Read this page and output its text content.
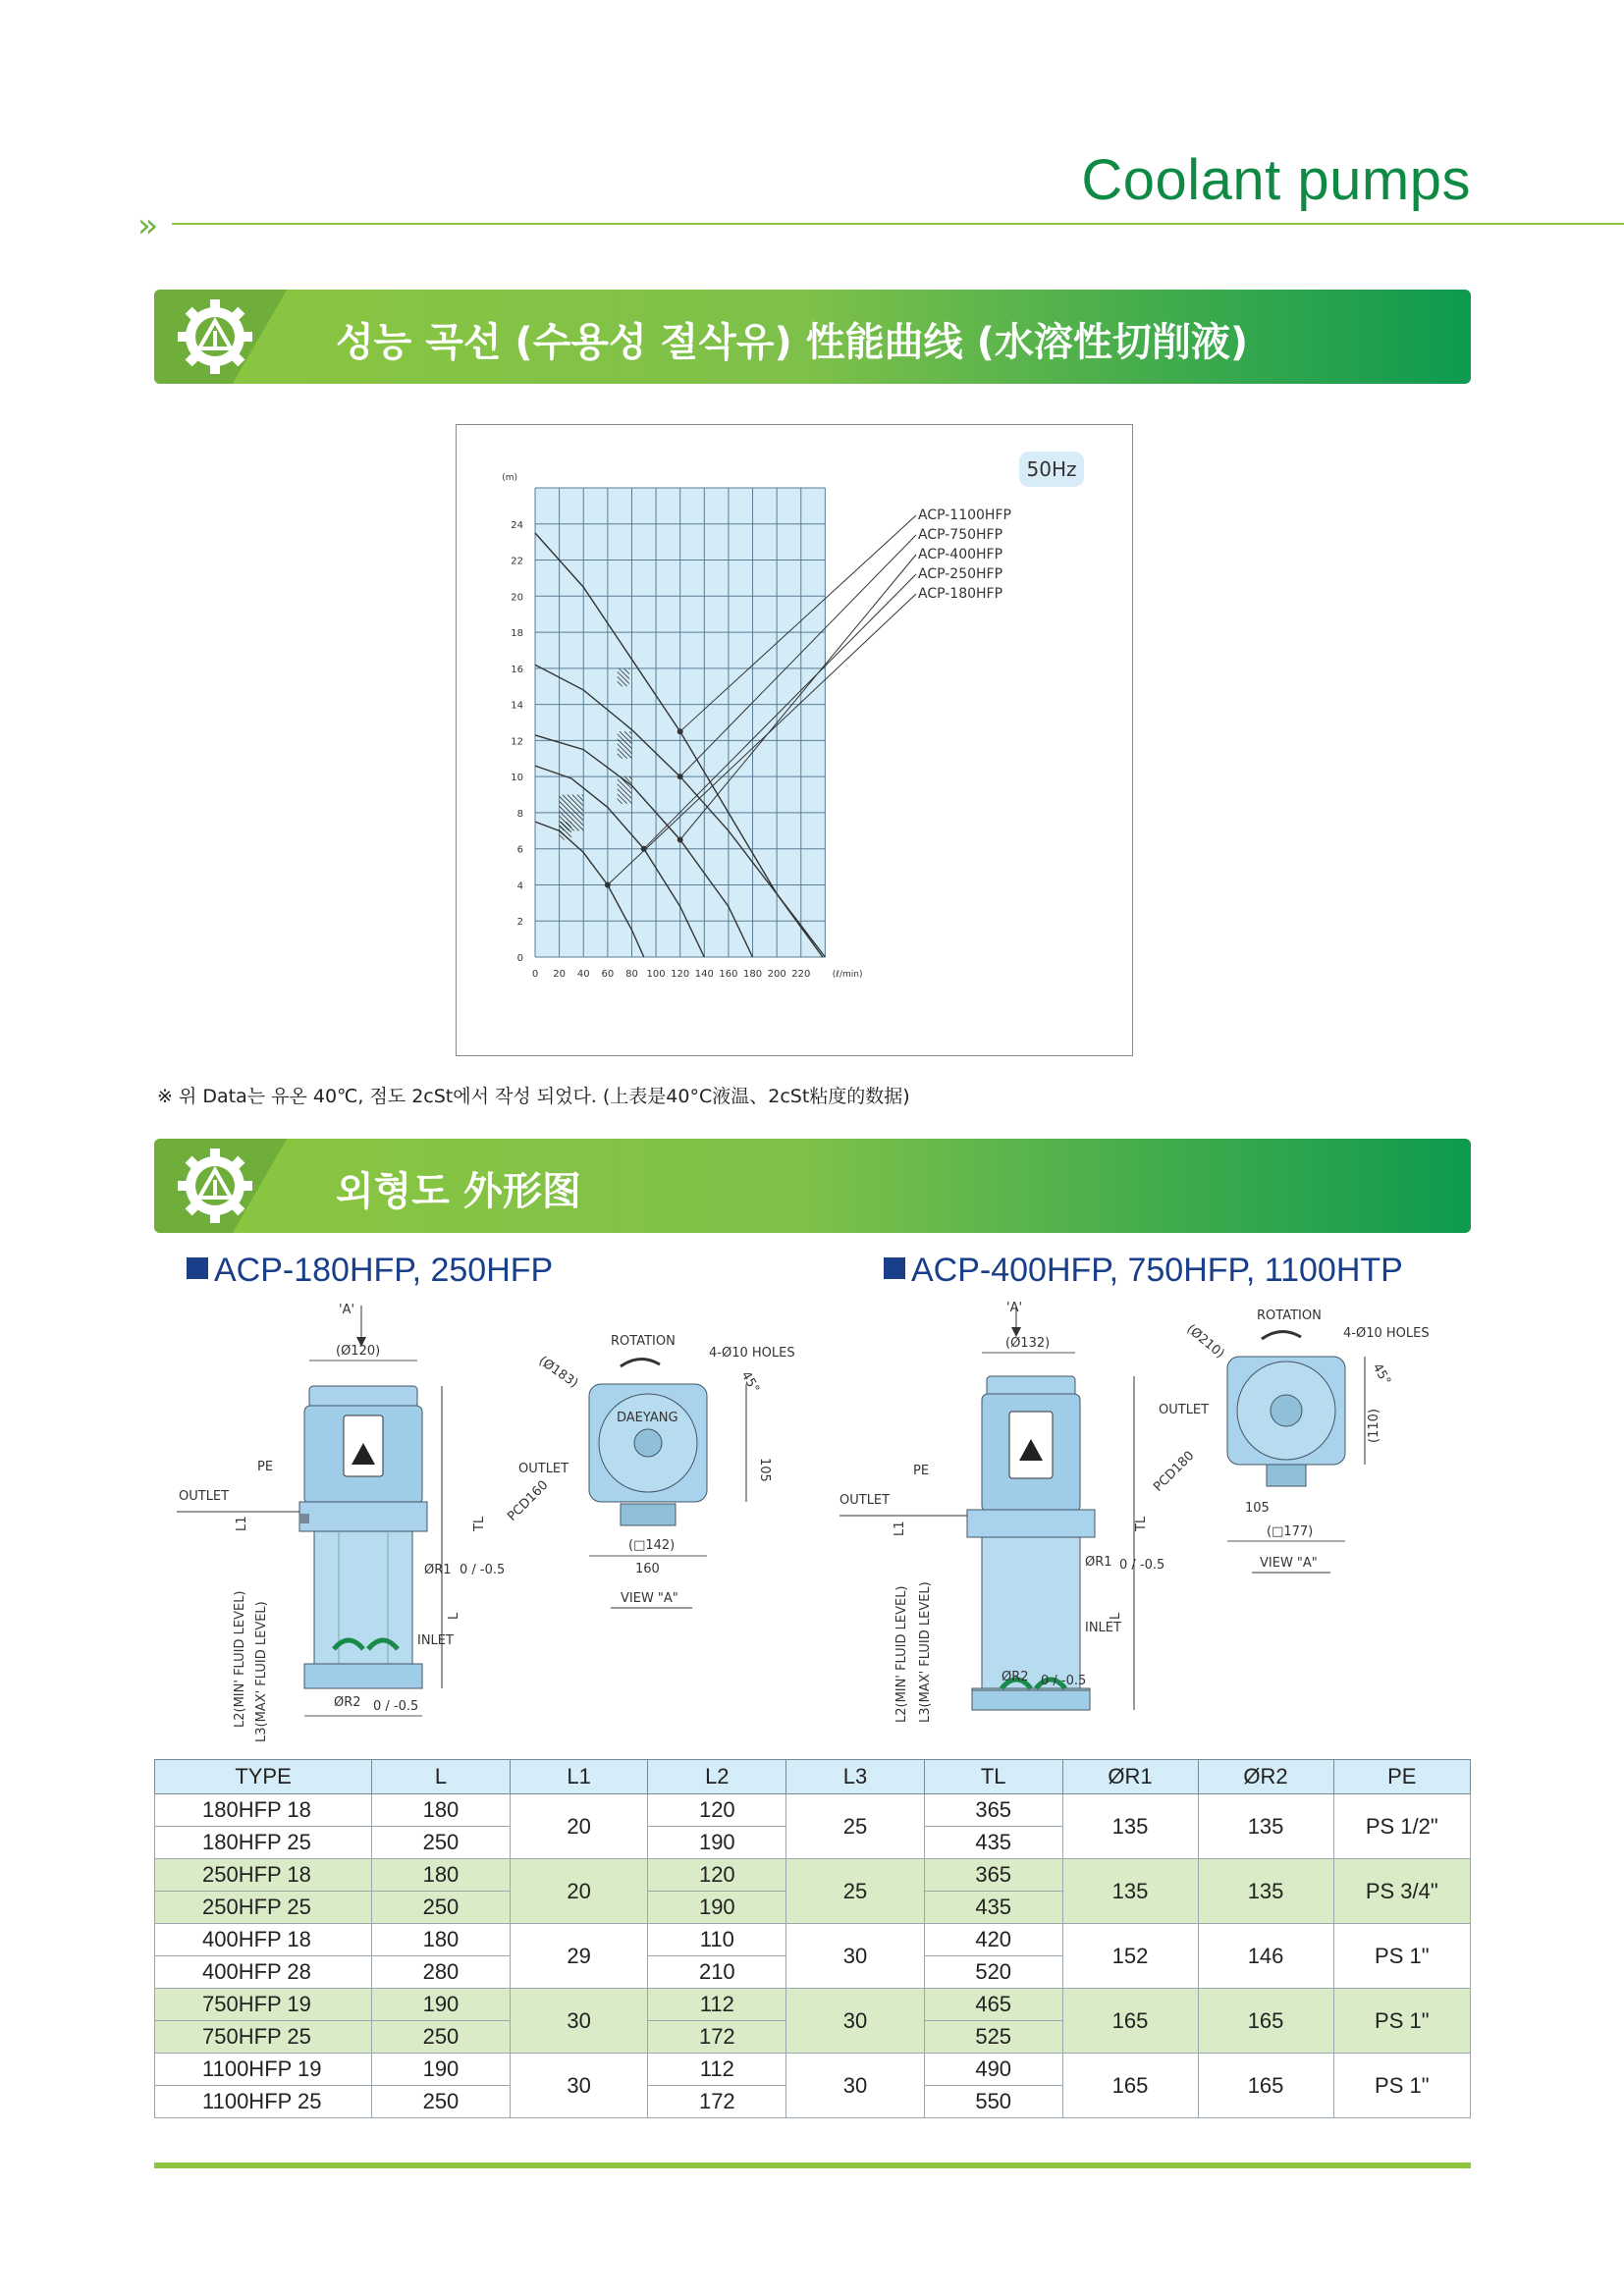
Coolant pumps
››
성능 곡선 (수용성 절삭유) 性能曲线 (水溶性切削液)
0 20 40 60 80 100 120 140 160 180 200 220
0
2
4
6
8
10
12
14
16
18
20
22
24
(m)
(ℓ/min)
ACP-1100HFP
ACP-750HFP
ACP-400HFP
ACP-250HFP
ACP-180HFP
50Hz
※ 위 Data는 유온 40℃, 점도 2cSt에서 작성 되었다. (上表是40°C液温、2cSt粘度的数据)
외형도 外形图
ACP-180HFP, 250HFP	ACP-400HFP, 750HFP, 1100HTP
'A'
(Ø120)
PE
OUTLET
L1	TL
ØR1 0 / -0.5
L
INLET
ØR2 0 / -0.5
L2(MIN' FLUID LEVEL) L3(MAX' FLUID LEVEL)
ROTATION
4-Ø10 HOLES
(Ø183)
DAEYANG
OUTLET
PCD160
45°
105
(□142)
160
VIEW "A"
'A'
(Ø132)
PE
OUTLET
L1	TL
ØR1 0 / -0.5
L
INLET
ØR2 0 / -0.5
L2(MIN' FLUID LEVEL) L3(MAX' FLUID LEVEL)
ROTATION
4-Ø10 HOLES
(Ø210)
OUTLET
PCD180
45°
(110)
105
(□177)
VIEW "A"
TYPE	L	L1	L2	L3	TL	ØR1	ØR2	PE
180HFP 18	180	20	120	25	365	135	135	PS 1/2"
180HFP 25	250		190		435			
250HFP 18	180	20	120	25	365	135	135	PS 3/4"
250HFP 25	250		190		435			
400HFP 18	180	29	110	30	420	152	146	PS 1"
400HFP 28	280		210		520			
750HFP 19	190	30	112	30	465	165	165	PS 1"
750HFP 25	250		172		525			
1100HFP 19	190	30	112	30	490	165	165	PS 1"
1100HFP 25	250		172		550			
